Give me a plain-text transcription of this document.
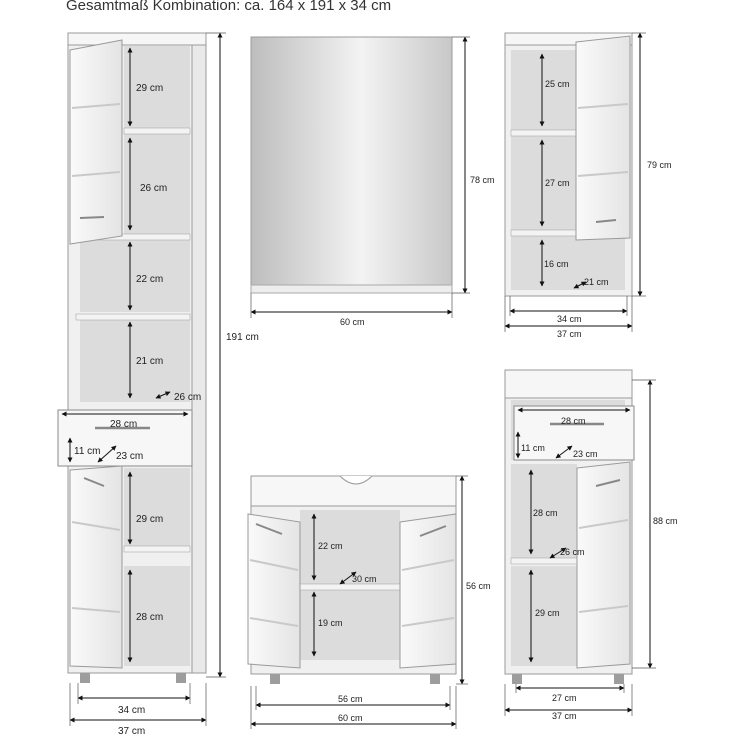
Gesamtmaß Kombination: ca. 164 x 191 x 34 cm
29 cm
26 cm
22 cm
21 cm
26 cm
28 cm
11 cm 23 cm
29 cm
28 cm
34 cm
37 cm
191 cm
78 cm
60 cm
25 cm
27 cm
16 cm
21 cm
79 cm
34 cm
37 cm
22 cm
30 cm
19 cm
56 cm
56 cm
60 cm
28 cm
11 cm
23 cm
28 cm
26 cm
29 cm
88 cm
27 cm
37 cm
